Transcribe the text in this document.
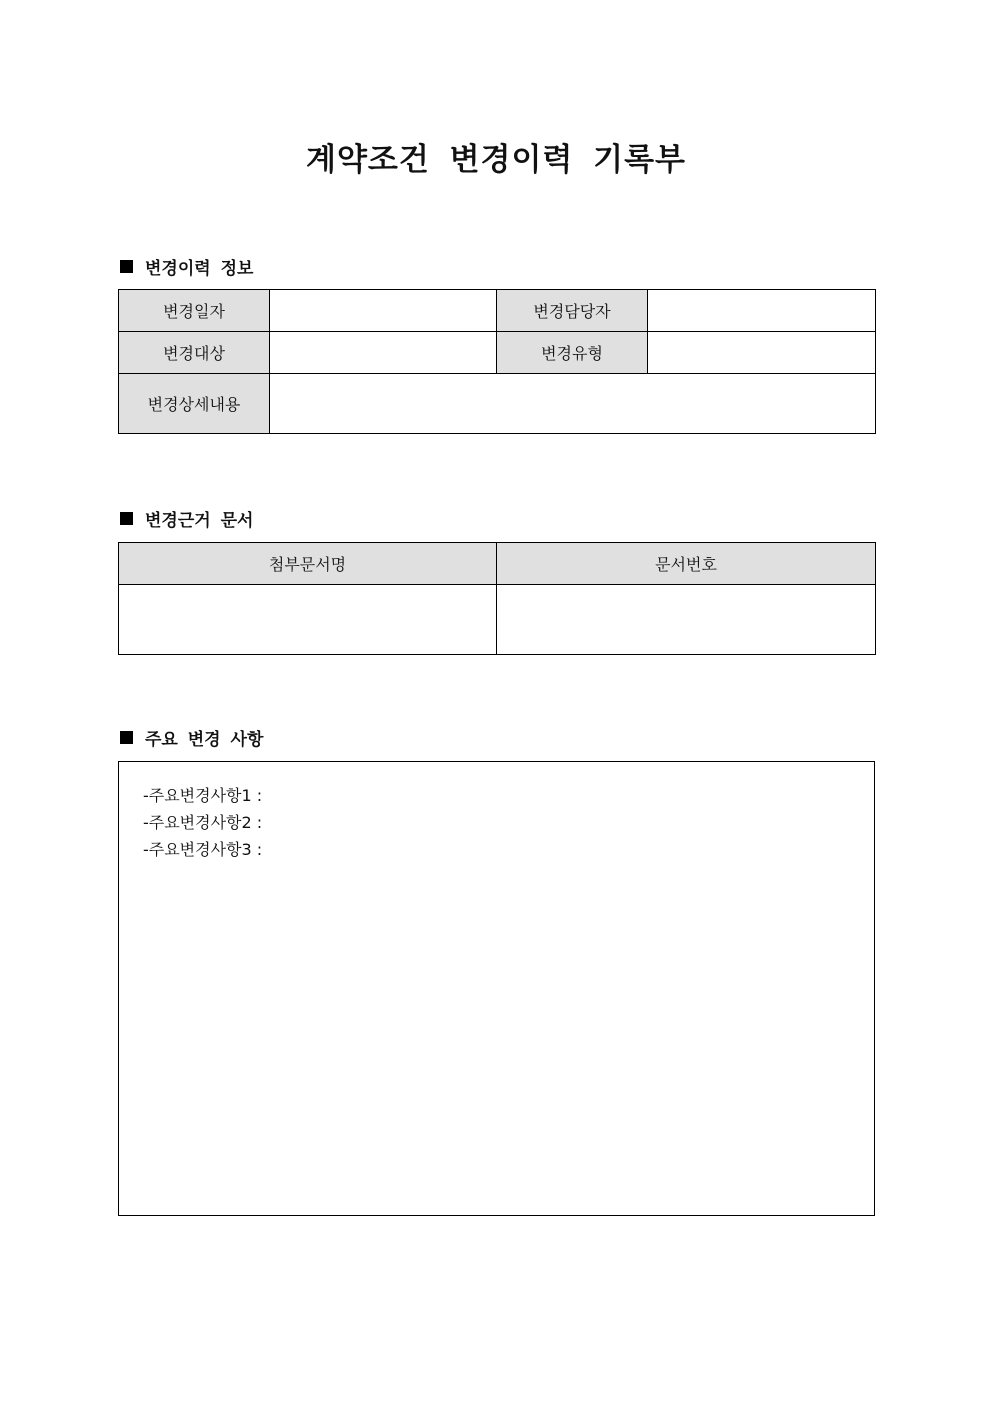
계약조건 변경이력 기록부
변경이력 정보
변경일자		변경담당자	
변경대상		변경유형	
변경상세내용			
변경근거 문서
첨부문서명	문서번호

주요 변경 사항
-주요변경사항1 :
-주요변경사항2 :
-주요변경사항3 :
